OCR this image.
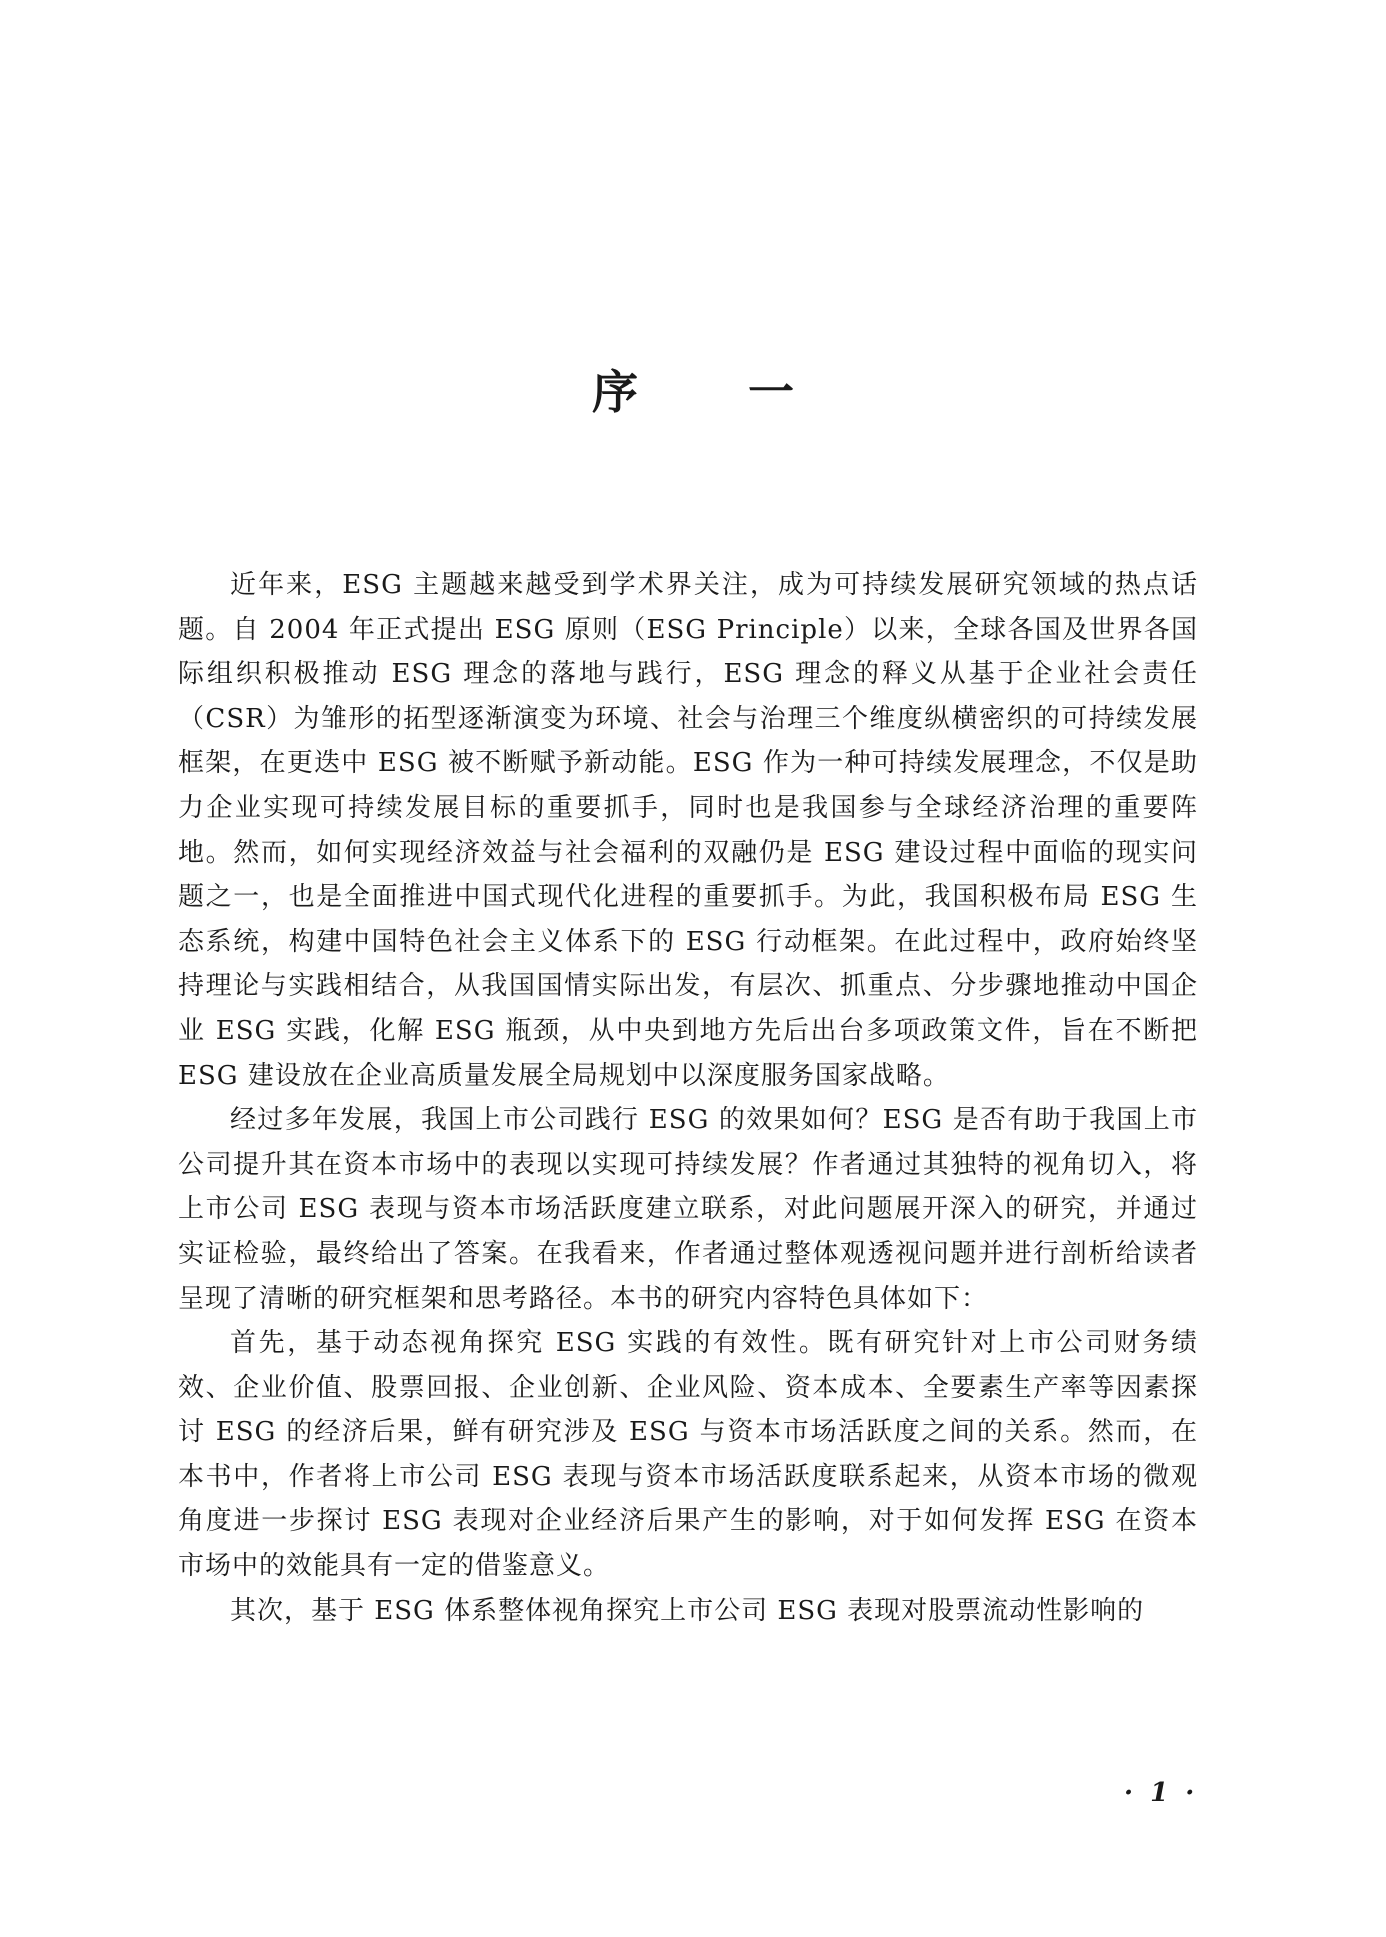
序 一

近年来，ESG 主题越来越受到学术界关注，成为可持续发展研究领域的热点话题。自 2004 年正式提出 ESG 原则（ESG Principle）以来，全球各国及世界各国际组织积极推动 ESG 理念的落地与践行，ESG 理念的释义从基于企业社会责任（CSR）为雏形的拓型逐渐演变为环境、社会与治理三个维度纵横密织的可持续发展框架，在更迭中 ESG 被不断赋予新动能。ESG 作为一种可持续发展理念，不仅是助力企业实现可持续发展目标的重要抓手，同时也是我国参与全球经济治理的重要阵地。然而，如何实现经济效益与社会福利的双融仍是 ESG 建设过程中面临的现实问题之一，也是全面推进中国式现代化进程的重要抓手。为此，我国积极布局 ESG 生态系统，构建中国特色社会主义体系下的 ESG 行动框架。在此过程中，政府始终坚持理论与实践相结合，从我国国情实际出发，有层次、抓重点、分步骤地推动中国企业 ESG 实践，化解 ESG 瓶颈，从中央到地方先后出台多项政策文件，旨在不断把 ESG 建设放在企业高质量发展全局规划中以深度服务国家战略。

经过多年发展，我国上市公司践行 ESG 的效果如何？ESG 是否有助于我国上市公司提升其在资本市场中的表现以实现可持续发展？作者通过其独特的视角切入，将上市公司 ESG 表现与资本市场活跃度建立联系，对此问题展开深入的研究，并通过实证检验，最终给出了答案。在我看来，作者通过整体观透视问题并进行剖析给读者呈现了清晰的研究框架和思考路径。本书的研究内容特色具体如下：

首先，基于动态视角探究 ESG 实践的有效性。既有研究针对上市公司财务绩效、企业价值、股票回报、企业创新、企业风险、资本成本、全要素生产率等因素探讨 ESG 的经济后果，鲜有研究涉及 ESG 与资本市场活跃度之间的关系。然而，在本书中，作者将上市公司 ESG 表现与资本市场活跃度联系起来，从资本市场的微观角度进一步探讨 ESG 表现对企业经济后果产生的影响，对于如何发挥 ESG 在资本市场中的效能具有一定的借鉴意义。

其次，基于 ESG 体系整体视角探究上市公司 ESG 表现对股票流动性影响的

· 1 ·
